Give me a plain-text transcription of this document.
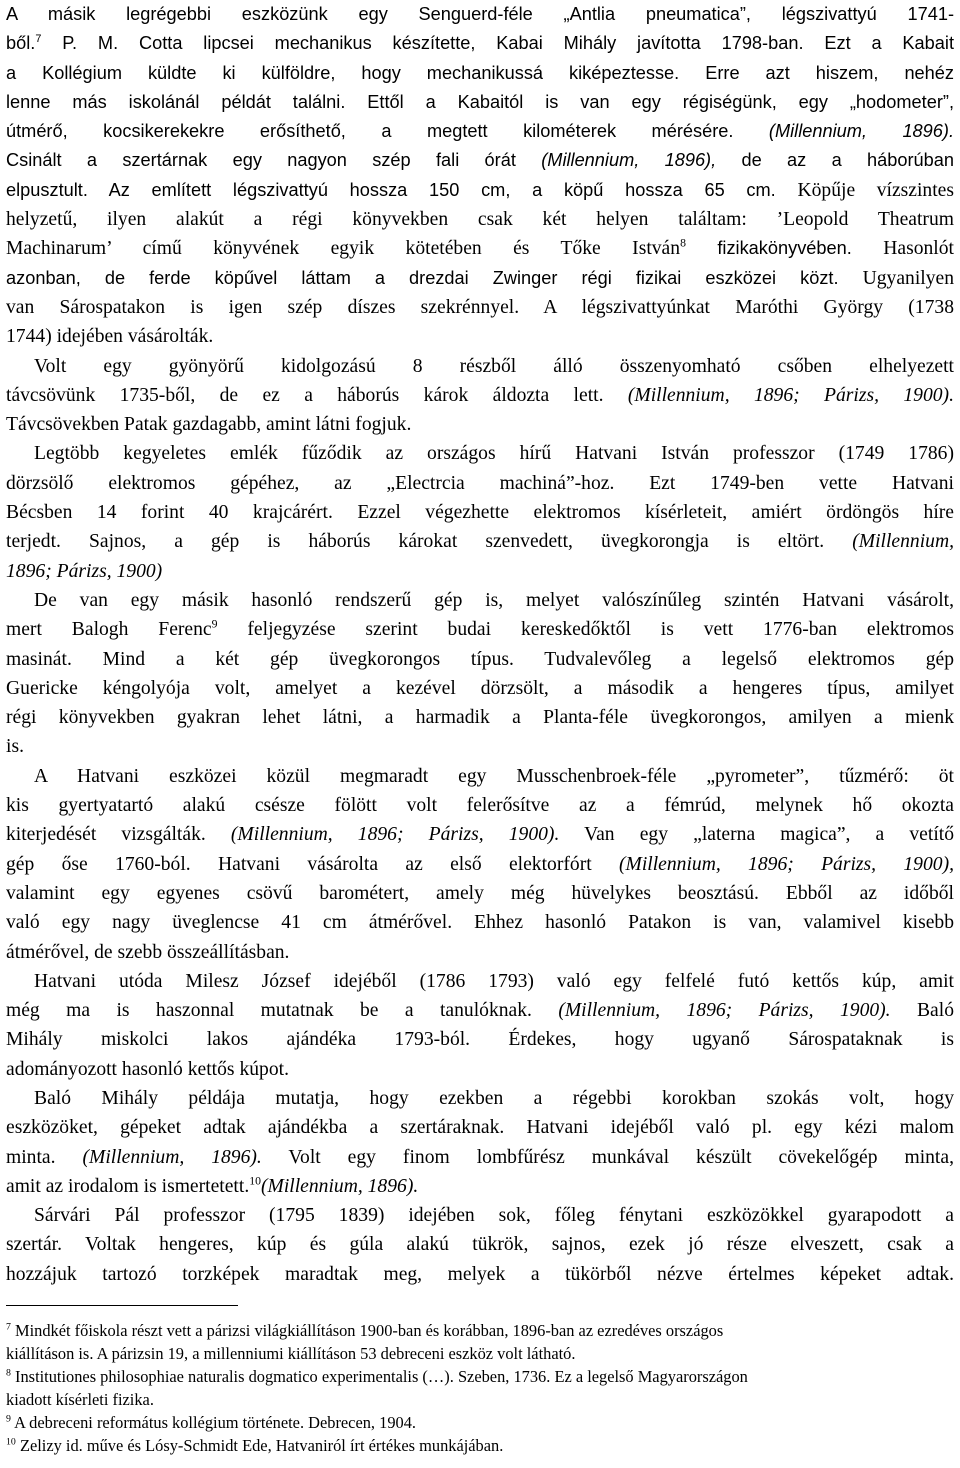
A másik legrégebbi eszközünk egy Senguerd-féle „Antlia pneumatica”, légszivattyú 1741-

ből.$^7$ P. M. Cotta lipcsei mechanikus készítette, Kabai Mihály javította 1798-ban. Ezt a Kabait

a Kollégium küldte ki külföldre, hogy mechanikussá kiképeztesse. Erre azt hiszem, nehéz

lenne más iskolánál példát találni. Ettől a Kabaitól is van egy régiségünk, egy „hodometer”,

útmérő, kocsikerekekre erősíthető, a megtett kilométerek mérésére. (Millennium, 1896).

Csinált a szertárnak egy nagyon szép fali órát (Millennium, 1896), de az a háborúban

elpusztult. Az említett légszivattyú hossza 150 cm, a köpű hossza 65 cm. Köpűje vízszintes

helyzetű, ilyen alakút a régi könyvekben csak két helyen találtam: ’Leopold Theatrum

Machinarum’ című könyvének egyik kötetében és Tőke István$^8$ fizikakönyvében. Hasonlót

azonban, de ferde köpűvel láttam a drezdai Zwinger régi fizikai eszközei közt. Ugyanilyen

van Sárospatakon is igen szép díszes szekrénnyel. A légszivattyúnkat Maróthi György (1738

1744) idejében vásárolták.

Volt egy gyönyörű kidolgozású 8 részből álló összenyomható csőben elhelyezett

távcsövünk 1735-ből, de ez a háborús károk áldozta lett. (Millennium, 1896; Párizs, 1900).

Távcsövekben Patak gazdagabb, amint látni fogjuk.

Legtöbb kegyeletes emlék fűződik az országos hírű Hatvani István professzor (1749 1786)

dörzsölő elektromos gépéhez, az „Electrcia machiná”-hoz. Ezt 1749-ben vette Hatvani

Bécsben 14 forint 40 krajcárért. Ezzel végezhette elektromos kísérleteit, amiért ördöngös híre

terjedt. Sajnos, a gép is háborús károkat szenvedett, üvegkorongja is eltört. (Millennium,

1896; Párizs, 1900)

De van egy másik hasonló rendszerű gép is, melyet valószínűleg szintén Hatvani vásárolt,

mert Balogh Ferenc$^9$ feljegyzése szerint budai kereskedőktől is vett 1776-ban elektromos

masinát. Mind a két gép üvegkorongos típus. Tudvalevőleg a legelső elektromos gép

Guericke kéngolyója volt, amelyet a kezével dörzsölt, a második a hengeres típus, amilyet

régi könyvekben gyakran lehet látni, a harmadik a Planta-féle üvegkorongos, amilyen a mienk

is.

A Hatvani eszközei közül megmaradt egy Musschenbroek-féle „pyrometer”, tűzmérő: öt

kis gyertyatartó alakú csésze fölött volt felerősítve az a fémrúd, melynek hő okozta

kiterjedését vizsgálták. (Millennium, 1896; Párizs, 1900). Van egy „laterna magica”, a vetítő

gép őse 1760-ból. Hatvani vásárolta az első elektorfórt (Millennium, 1896; Párizs, 1900),

valamint egy egyenes csövű barométert, amely még hüvelykes beosztású. Ebből az időből

való egy nagy üveglencse 41 cm átmérővel. Ehhez hasonló Patakon is van, valamivel kisebb

átmérővel, de szebb összeállításban.

Hatvani utóda Milesz József idejéből (1786 1793) való egy felfelé futó kettős kúp, amit

még ma is haszonnal mutatnak be a tanulóknak. (Millennium, 1896; Párizs, 1900). Baló

Mihály miskolci lakos ajándéka 1793-ból. Érdekes, hogy ugyanő Sárospataknak is

adományozott hasonló kettős kúpot.

Baló Mihály példája mutatja, hogy ezekben a régebbi korokban szokás volt, hogy

eszközöket, gépeket adtak ajándékba a szertáraknak. Hatvani idejéből való pl. egy kézi malom

minta. (Millennium, 1896). Volt egy finom lombfűrész munkával készült cövekelőgép minta,

amit az irodalom is ismertetett.$^{10}$(Millennium, 1896).

Sárvári Pál professzor (1795 1839) idejében sok, főleg fénytani eszközökkel gyarapodott a

szertár. Voltak hengeres, kúp és gúla alakú tükrök, sajnos, ezek jó része elveszett, csak a

hozzájuk tartozó torzképek maradtak meg, melyek a tükörből nézve értelmes képeket adtak.

$^7$ Mindkét főiskola részt vett a párizsi világkiállításon 1900-ban és korábban, 1896-ban az ezredéves országos

kiállításon is. A párizsin 19, a millenniumi kiállításon 53 debreceni eszköz volt látható.

$^8$ Institutiones philosophiae naturalis dogmatico experimentalis (…). Szeben, 1736. Ez a legelső Magyarországon

kiadott kísérleti fizika.

$^9$ A debreceni református kollégium története. Debrecen, 1904.

$^{10}$ Zelizy id. műve és Lósy-Schmidt Ede, Hatvaniról írt értékes munkájában.
